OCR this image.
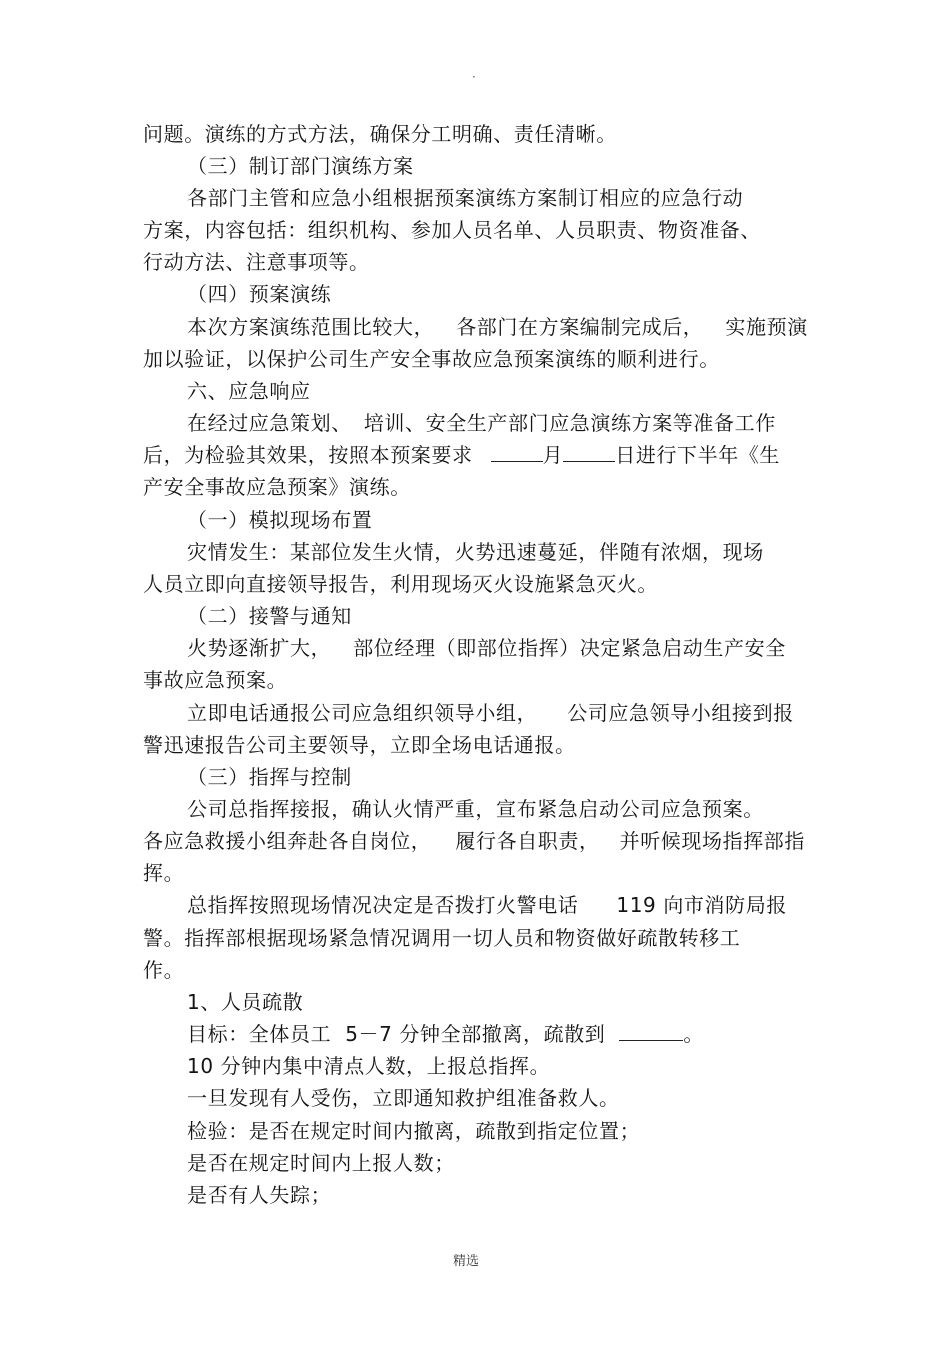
·
问题。演练的方式方法，确保分工明确、责任清晰。
（三）制订部门演练方案
各部门主管和应急小组根据预案演练方案制订相应的应急行动
方案，内容包括：组织机构、参加人员名单、人员职责、物资准备、
行动方法、注意事项等。
（四）预案演练
本次方案演练范围比较大， 各部门在方案编制完成后， 实施预演
加以验证，以保护公司生产安全事故应急预案演练的顺利进行。
六、应急响应
在经过应急策划、 培训、安全生产部门应急演练方案等准备工作
后，为检验其效果，按照本预案要求	月	日进行下半年《生
产安全事故应急预案》演练。
（一）模拟现场布置
灾情发生：某部位发生火情，火势迅速蔓延，伴随有浓烟，现场
人员立即向直接领导报告，利用现场灭火设施紧急灭火。
（二）接警与通知
火势逐渐扩大， 部位经理（即部位指挥）决定紧急启动生产安全
事故应急预案。
立即电话通报公司应急组织领导小组， 公司应急领导小组接到报
警迅速报告公司主要领导，立即全场电话通报。
（三）指挥与控制
公司总指挥接报，确认火情严重，宣布紧急启动公司应急预案。
各应急救援小组奔赴各自岗位， 履行各自职责， 并听候现场指挥部指
挥。
总指挥按照现场情况决定是否拨打火警电话 119 向市消防局报
警。指挥部根据现场紧急情况调用一切人员和物资做好疏散转移工
作。
1、人员疏散
目标：全体员工 5－7 分钟全部撤离，疏散到	。
10 分钟内集中清点人数，上报总指挥。
一旦发现有人受伤，立即通知救护组准备救人。
检验：是否在规定时间内撤离，疏散到指定位置；
是否在规定时间内上报人数；
是否有人失踪；
精选
